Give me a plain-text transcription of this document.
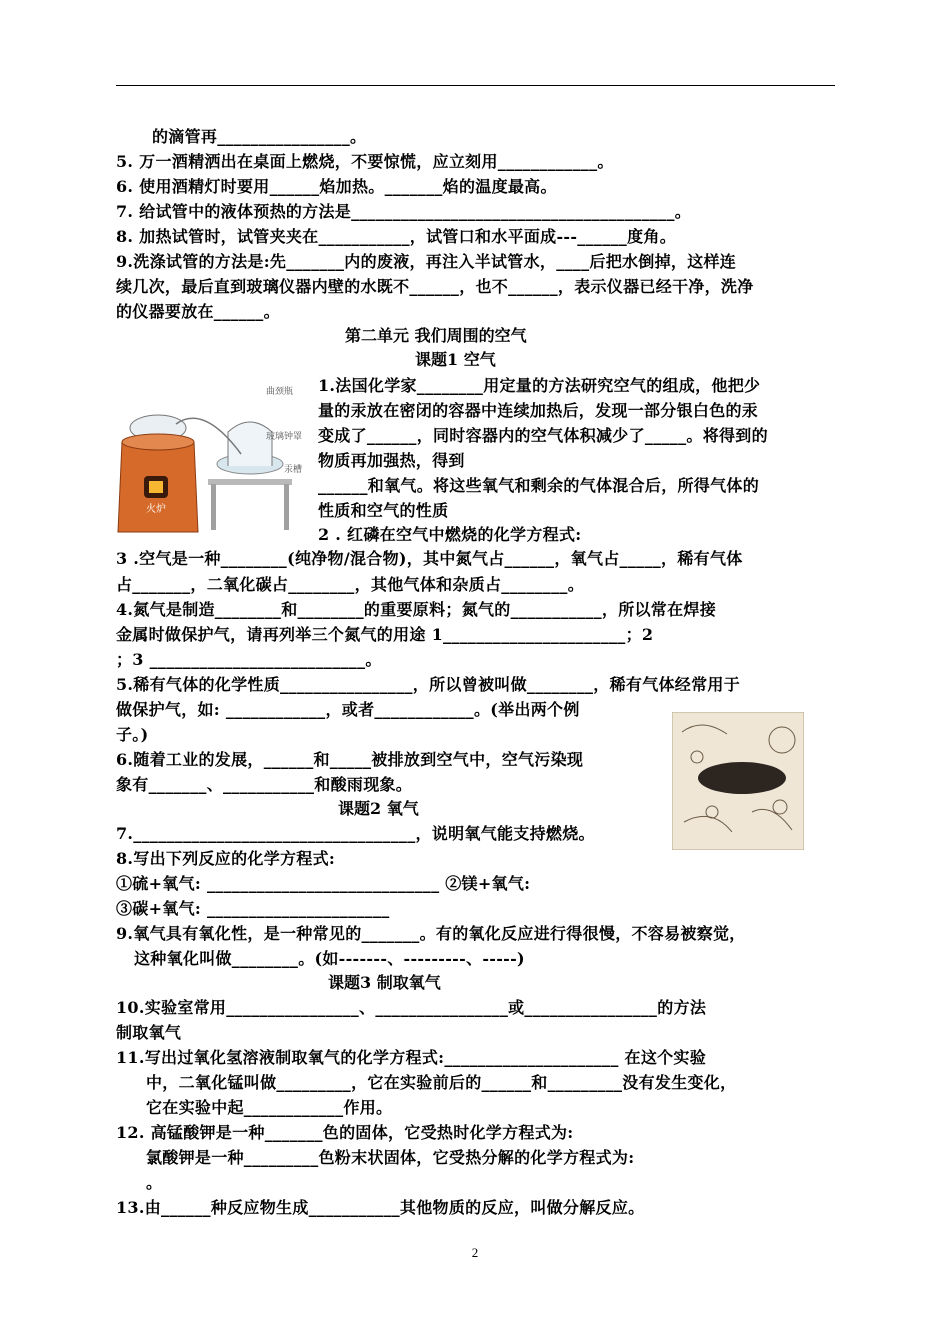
的滴管再________________。
5. 万一酒精洒出在桌面上燃烧，不要惊慌，应立刻用____________。
6. 使用酒精灯时要用______焰加热。_______焰的温度最高。
7. 给试管中的液体预热的方法是_______________________________________。
8. 加热试管时，试管夹夹在___________，试管口和水平面成---______度角。
9.洗涤试管的方法是:先_______内的废液，再注入半试管水，____后把水倒掉，这样连
续几次，最后直到玻璃仪器内壁的水既不______，也不______，表示仪器已经干净，洗净
的仪器要放在______。
第二单元 我们周围的空气
课题1 空气
曲颈瓶
玻璃钟罩
汞槽
火炉
1.法国化学家________用定量的方法研究空气的组成，他把少
量的汞放在密闭的容器中连续加热后，发现一部分银白色的汞
变成了______，同时容器内的空气体积减少了_____。将得到的
物质再加强热，得到
______和氧气。将这些氧气和剩余的气体混合后，所得气体的
性质和空气的性质
2 . 红磷在空气中燃烧的化学方程式:
3 .空气是一种________(纯净物/混合物)，其中氮气占______，氧气占_____，稀有气体
占_______，二氧化碳占________，其他气体和杂质占________。
4.氮气是制造________和________的重要原料；氮气的___________，所以常在焊接
金属时做保护气，请再列举三个氮气的用途 1______________________；2
；3 __________________________。
5.稀有气体的化学性质________________，所以曾被叫做________，稀有气体经常用于
做保护气，如: ____________，或者____________。(举出两个例
子。)
6.随着工业的发展，______和_____被排放到空气中，空气污染现
象有_______、___________和酸雨现象。
课题2 氧气
7.__________________________________，说明氧气能支持燃烧。
8.写出下列反应的化学方程式:
①硫+氧气: ____________________________ ②镁+氧气:
③碳+氧气: ______________________
9.氧气具有氧化性，是一种常见的_______。有的氧化反应进行得很慢，不容易被察觉，
这种氧化叫做________。(如-------、---------、-----)
课题3 制取氧气
10.实验室常用________________、________________或________________的方法
制取氧气
11.写出过氧化氢溶液制取氧气的化学方程式:_____________________ 在这个实验
中，二氧化锰叫做_________，它在实验前后的______和_________没有发生变化，
它在实验中起____________作用。
12. 高锰酸钾是一种_______色的固体，它受热时化学方程式为:
氯酸钾是一种_________色粉末状固体，它受热分解的化学方程式为:
。
13.由______种反应物生成___________其他物质的反应，叫做分解反应。
2
